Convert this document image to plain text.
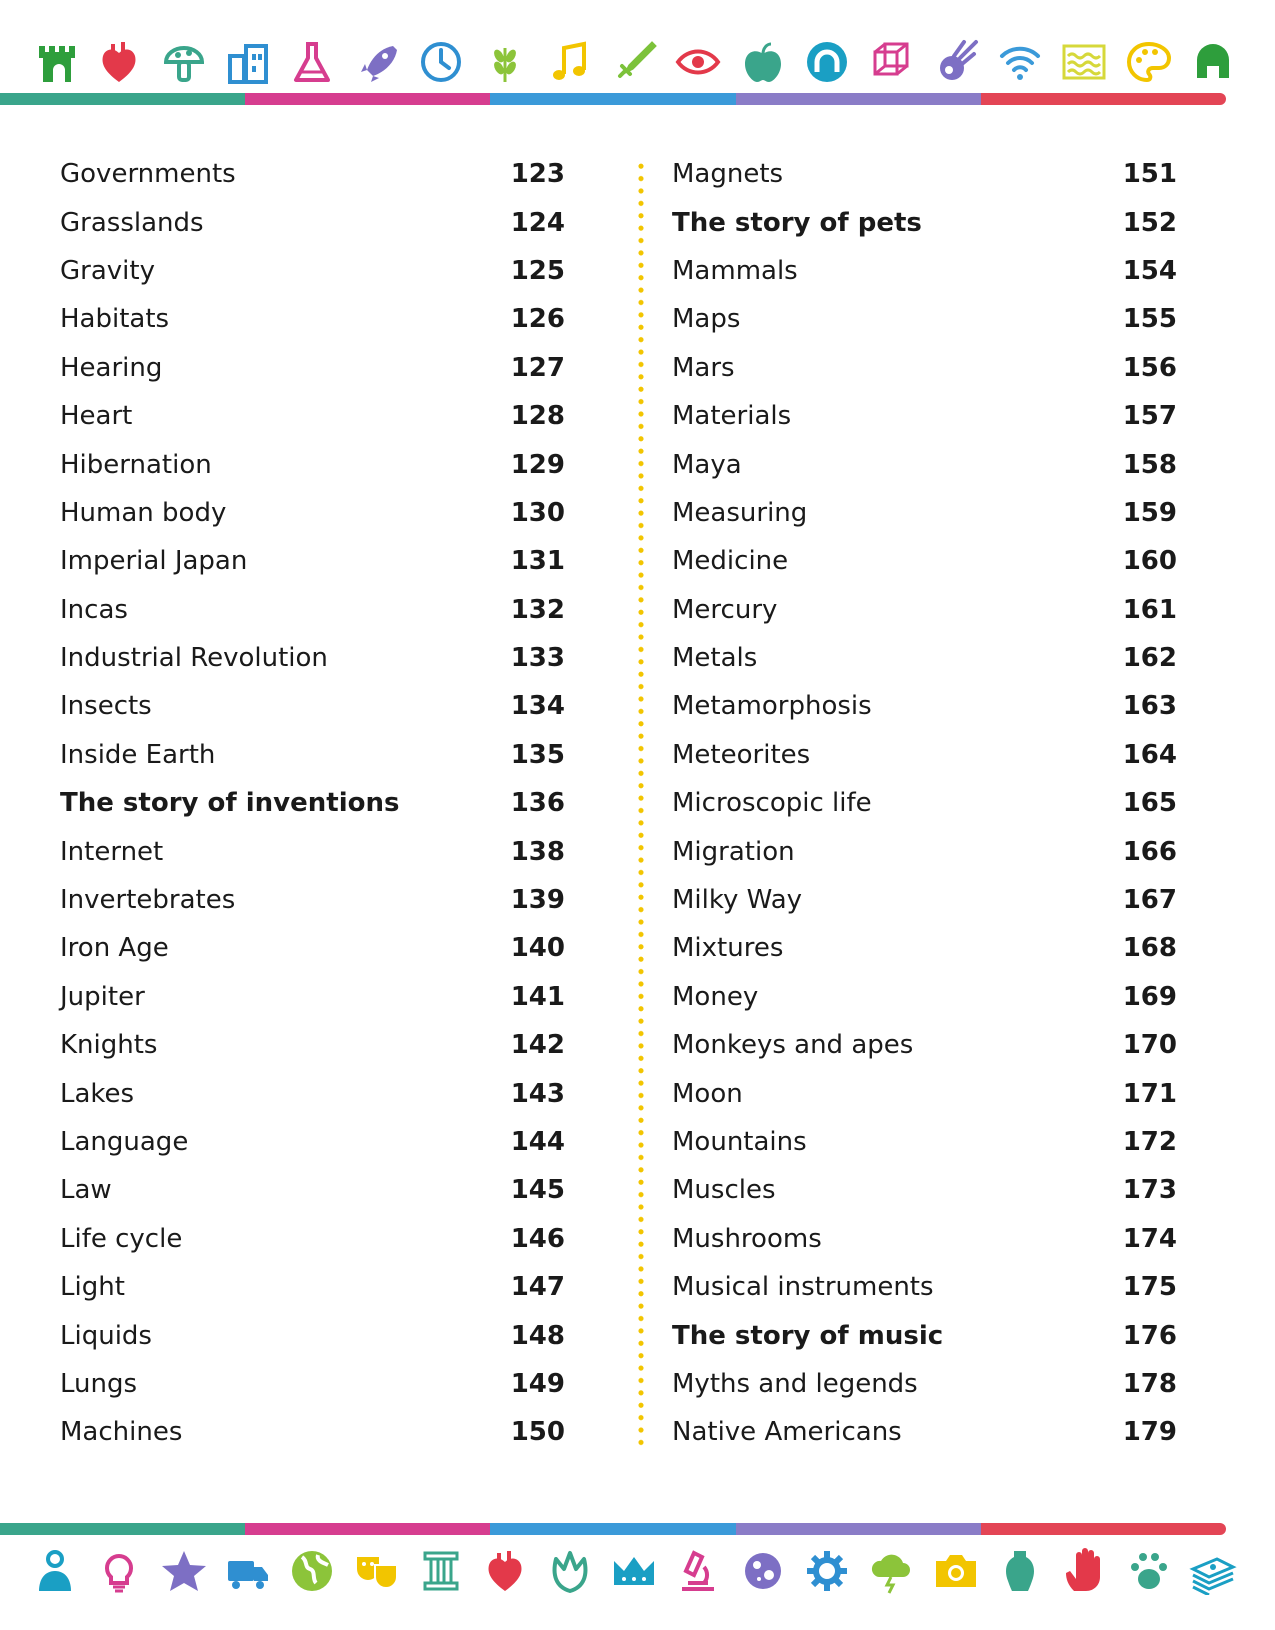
Governments	123
Grasslands	124
Gravity	125
Habitats	126
Hearing	127
Heart	128
Hibernation	129
Human body	130
Imperial Japan	131
Incas	132
Industrial Revolution	133
Insects	134
Inside Earth	135
The story of inventions	136
Internet	138
Invertebrates	139
Iron Age	140
Jupiter	141
Knights	142
Lakes	143
Language	144
Law	145
Life cycle	146
Light	147
Liquids	148
Lungs	149
Machines	150
Magnets	151
The story of pets	152
Mammals	154
Maps	155
Mars	156
Materials	157
Maya	158
Measuring	159
Medicine	160
Mercury	161
Metals	162
Metamorphosis	163
Meteorites	164
Microscopic life	165
Migration	166
Milky Way	167
Mixtures	168
Money	169
Monkeys and apes	170
Moon	171
Mountains	172
Muscles	173
Mushrooms	174
Musical instruments	175
The story of music	176
Myths and legends	178
Native Americans	179
